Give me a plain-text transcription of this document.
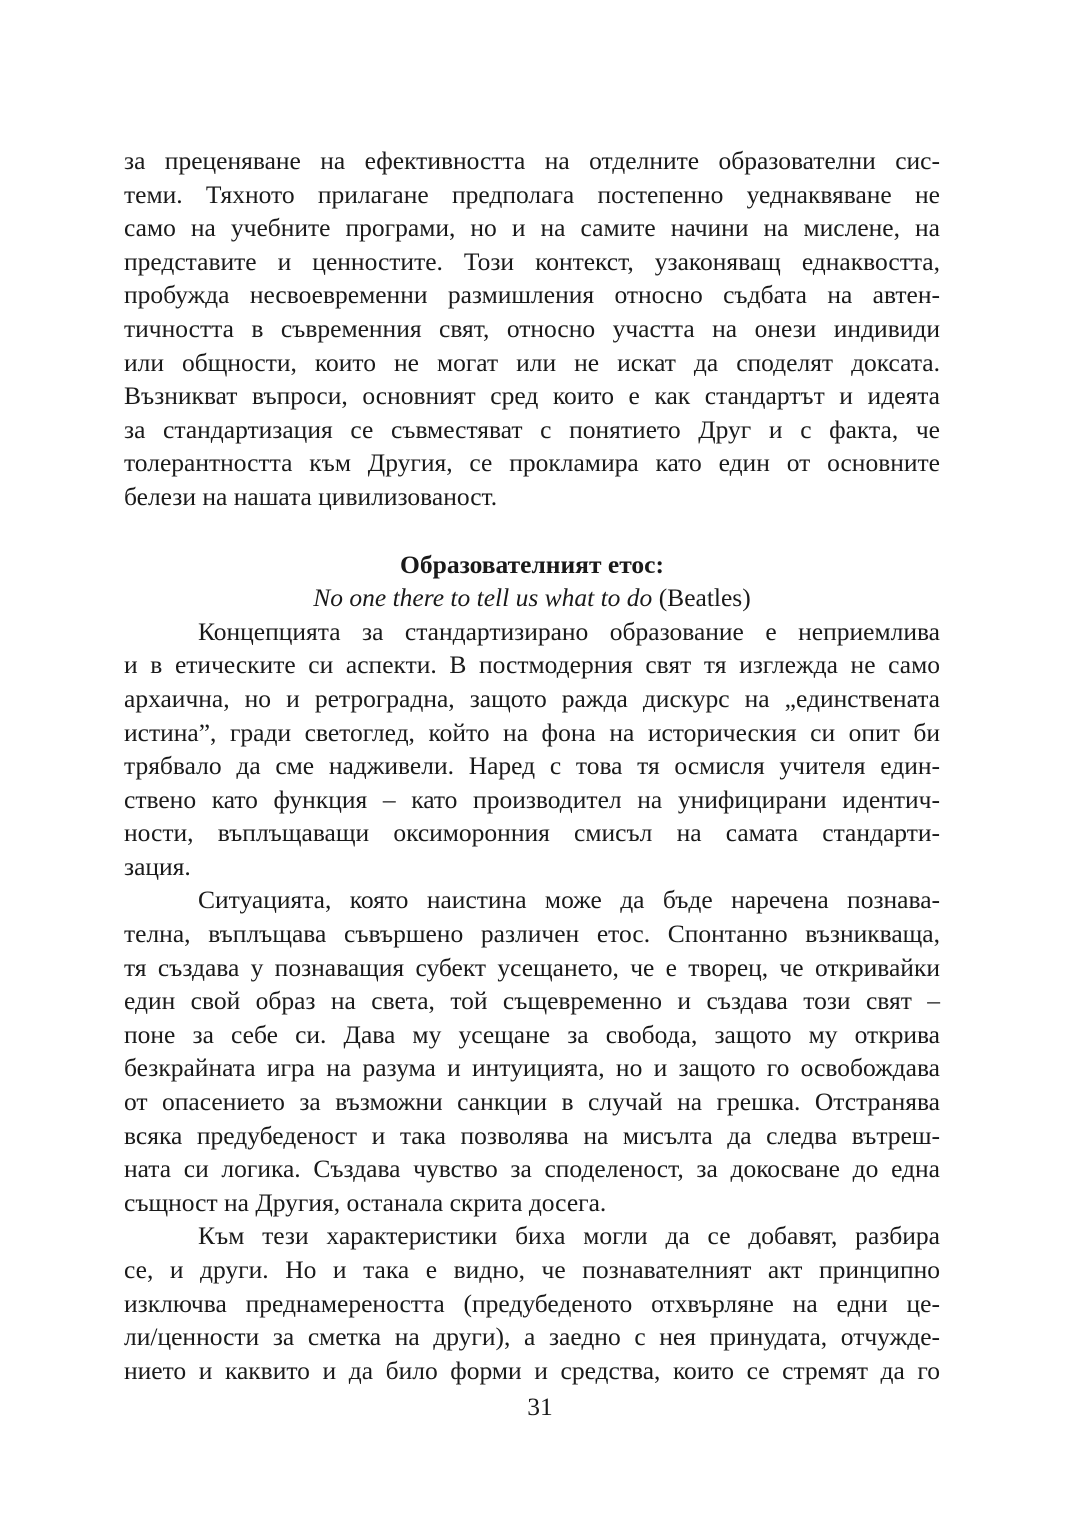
за преценяване на ефективността на отделните образователни сис-
теми. Тяхното прилагане предполага постепенно уеднаквяване не
само на учебните програми, но и на самите начини на мислене, на
представите и ценностите. Този контекст, узаконяващ еднаквостта,
пробужда несвоевременни размишления относно съдбата на автен-
тичността в съвременния свят, относно участта на онези индивиди
или общности, които не могат или не искат да споделят доксата.
Възникват въпроси, основният сред които е как стандартът и идеята
за стандартизация се съвместяват с понятието Друг и с факта, че
толерантността към Другия, се прокламира като един от основните
белези на нашата цивилизованост.
Образователният етос:
No one there to tell us what to do (Beatles)
Концепцията за стандартизирано образование е неприемлива
и в етическите си аспекти. В постмодерния свят тя изглежда не само
архаична, но и ретроградна, защото ражда дискурс на „единствената
истина”, гради светоглед, който на фона на историческия си опит би
трябвало да сме надживели. Наред с това тя осмисля учителя един-
ствено като функция – като производител на унифицирани идентич-
ности, въплъщаващи оксиморонния смисъл на самата стандарти-
зация.
Ситуацията, която наистина може да бъде наречена познава-
телна, въплъщава съвършено различен етос. Спонтанно възникваща,
тя създава у познаващия субект усещането, че е творец, че откривайки
един свой образ на света, той същевременно и създава този свят –
поне за себе си. Дава му усещане за свобода, защото му открива
безкрайната игра на разума и интуицията, но и защото го освобождава
от опасението за възможни санкции в случай на грешка. Отстранява
всяка предубеденост и така позволява на мисълта да следва вътреш-
ната си логика. Създава чувство за споделеност, за докосване до една
същност на Другия, останала скрита досега.
Към тези характеристики биха могли да се добавят, разбира
се, и други. Но и така е видно, че познавателният акт принципно
изключва преднамереността (предубеденото отхвърляне на едни це-
ли/ценности за сметка на други), а заедно с нея принудата, отчужде-
нието и каквито и да било форми и средства, които се стремят да го
31
